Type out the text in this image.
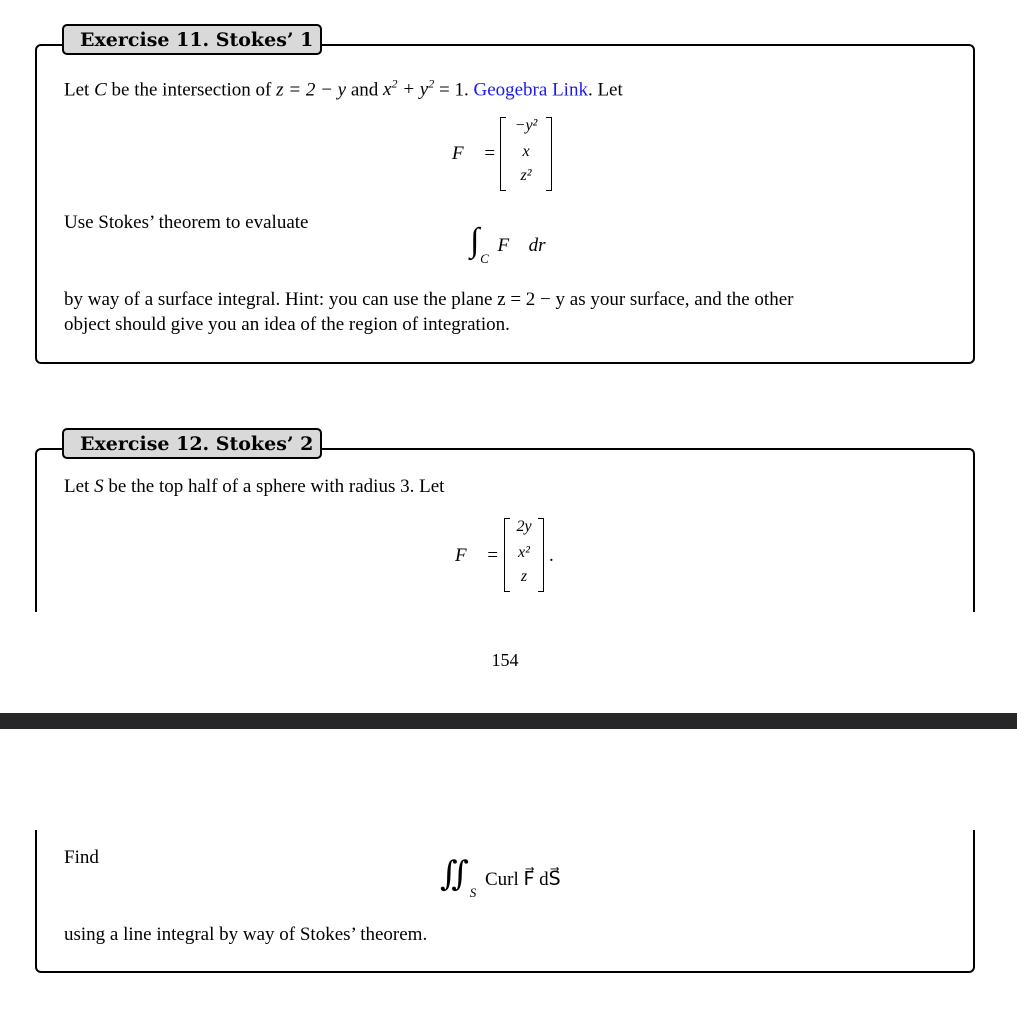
Exercise 11. Stokes’ 1
Let C be the intersection of z = 2 − y and $x^2 + y^2 = 1$. Geogebra Link. Let
F⃗ =
−y²
x
z²
Use Stokes’ theorem to evaluate	∫ $_C$ F⃗ dr⃗
by way of a surface integral. Hint: you can use the plane z = 2 − y as your surface, and the other
object should give you an idea of the region of integration.
Exercise 12. Stokes’ 2
Let S be the top half of a sphere with radius 3. Let
F⃗ =
2y
x²
z
.
154
Find	∬ $_S$ Curl F⃗ dS⃗
using a line integral by way of Stokes’ theorem.
